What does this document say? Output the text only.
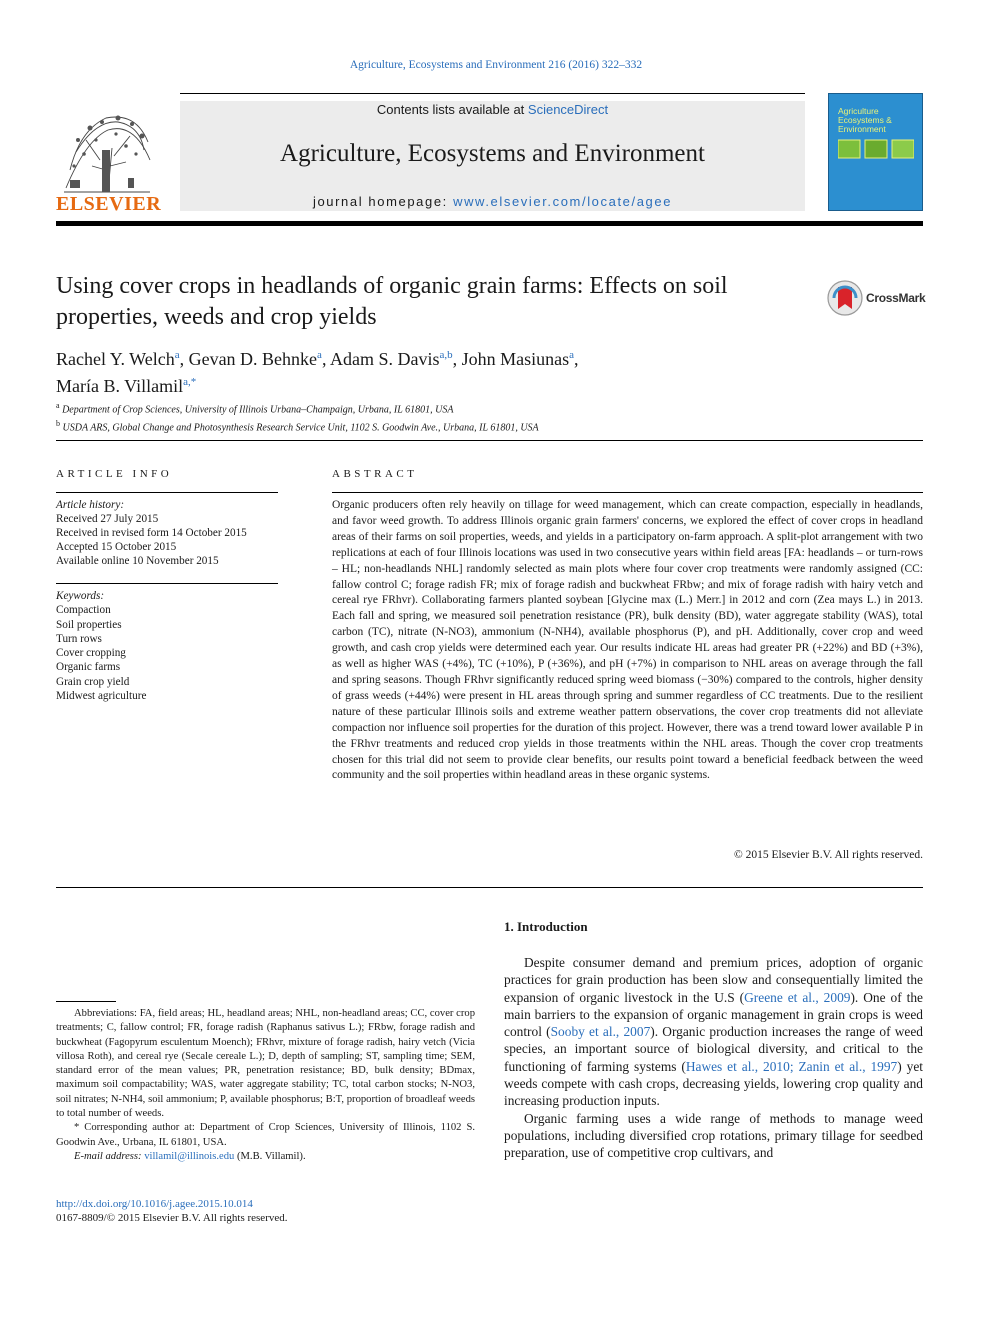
Agriculture, Ecosystems and Environment 216 (2016) 322–332
ELSEVIER
Contents lists available at ScienceDirect
Agriculture, Ecosystems and Environment
journal homepage: www.elsevier.com/locate/agee
Agriculture Ecosystems & Environment
Using cover crops in headlands of organic grain farms: Effects on soil properties, weeds and crop yields
CrossMark
Rachel Y. Welch$^a$, Gevan D. Behnke$^a$, Adam S. Davis$^{a,b}$, John Masiunas$^a$,
María B. Villamil$^{a,*}$
$^a$ Department of Crop Sciences, University of Illinois Urbana–Champaign, Urbana, IL 61801, USA
$^b$ USDA ARS, Global Change and Photosynthesis Research Service Unit, 1102 S. Goodwin Ave., Urbana, IL 61801, USA
ARTICLE INFO	ABSTRACT
Article history:
Received 27 July 2015
Received in revised form 14 October 2015
Accepted 15 October 2015
Available online 10 November 2015
Keywords:
Compaction
Soil properties
Turn rows
Cover cropping
Organic farms
Grain crop yield
Midwest agriculture
Organic producers often rely heavily on tillage for weed management, which can create compaction, especially in headlands, and favor weed growth. To address Illinois organic grain farmers' concerns, we explored the effect of cover crops in headland areas of their farms on soil properties, weeds, and yields in a participatory on-farm approach. A split-plot arrangement with two replications at each of four Illinois locations was used in two consecutive years within field areas [FA: headlands – or turn-rows – HL; non-headlands NHL] randomly selected as main plots where four cover crop treatments were randomly assigned (CC: fallow control C; forage radish FR; mix of forage radish and buckwheat FRbw; and mix of forage radish with hairy vetch and cereal rye FRhvr). Collaborating farmers planted soybean [Glycine max (L.) Merr.] in 2012 and corn (Zea mays L.) in 2013. Each fall and spring, we measured soil penetration resistance (PR), bulk density (BD), water aggregate stability (WAS), total carbon (TC), nitrate (N-NO3), ammonium (N-NH4), available phosphorus (P), and pH. Additionally, cover crop and weed growth, and cash crop yields were determined each year. Our results indicate HL areas had greater PR (+22%) and BD (+3%), as well as higher WAS (+4%), TC (+10%), P (+36%), and pH (+7%) in comparison to NHL areas on average through the fall and spring seasons. Though FRhvr significantly reduced spring weed biomass (−30%) compared to the controls, higher density of grass weeds (+44%) were present in HL areas through spring and summer regardless of CC treatments. Due to the resilient nature of these particular Illinois soils and extreme weather pattern observations, the cover crop treatments did not alleviate compaction nor influence soil properties for the duration of this project. However, there was a trend toward lower available P in the FRhvr treatments and reduced crop yields in those treatments within the NHL areas. Though the cover crop treatments chosen for this trial did not seem to provide clear benefits, our results point toward a beneficial feedback between the weed community and the soil properties within headland areas in these organic systems.
© 2015 Elsevier B.V. All rights reserved.
1. Introduction

Despite consumer demand and premium prices, adoption of organic practices for grain production has been slow and consequentially limited the expansion of organic livestock in the U.S (Greene et al., 2009). One of the main barriers to the expansion of organic management in grain crops is weed control (Sooby et al., 2007). Organic production increases the range of weed species, an important source of biological diversity, and critical to the functioning of farming systems (Hawes et al., 2010; Zanin et al., 1997) yet weeds compete with cash crops, decreasing yields, lowering crop quality and increasing production inputs.

Organic farming uses a wide range of methods to manage weed populations, including diversified crop rotations, primary tillage for seedbed preparation, use of competitive crop cultivars, and

Abbreviations: FA, field areas; HL, headland areas; NHL, non-headland areas; CC, cover crop treatments; C, fallow control; FR, forage radish (Raphanus sativus L.); FRbw, forage radish and buckwheat (Fagopyrum esculentum Moench); FRhvr, mixture of forage radish, hairy vetch (Vicia villosa Roth), and cereal rye (Secale cereale L.); D, depth of sampling; ST, sampling time; SEM, standard error of the mean values; PR, penetration resistance; BD, bulk density; BDmax, maximum soil compactability; WAS, water aggregate stability; TC, total carbon stocks; N-NO3, soil nitrates; N-NH4, soil ammonium; P, available phosphorus; B:T, proportion of broadleaf weeds to total number of weeds.

* Corresponding author at: Department of Crop Sciences, University of Illinois, 1102 S. Goodwin Ave., Urbana, IL 61801, USA.

E-mail address: villamil@illinois.edu (M.B. Villamil).

http://dx.doi.org/10.1016/j.agee.2015.10.014
0167-8809/© 2015 Elsevier B.V. All rights reserved.
